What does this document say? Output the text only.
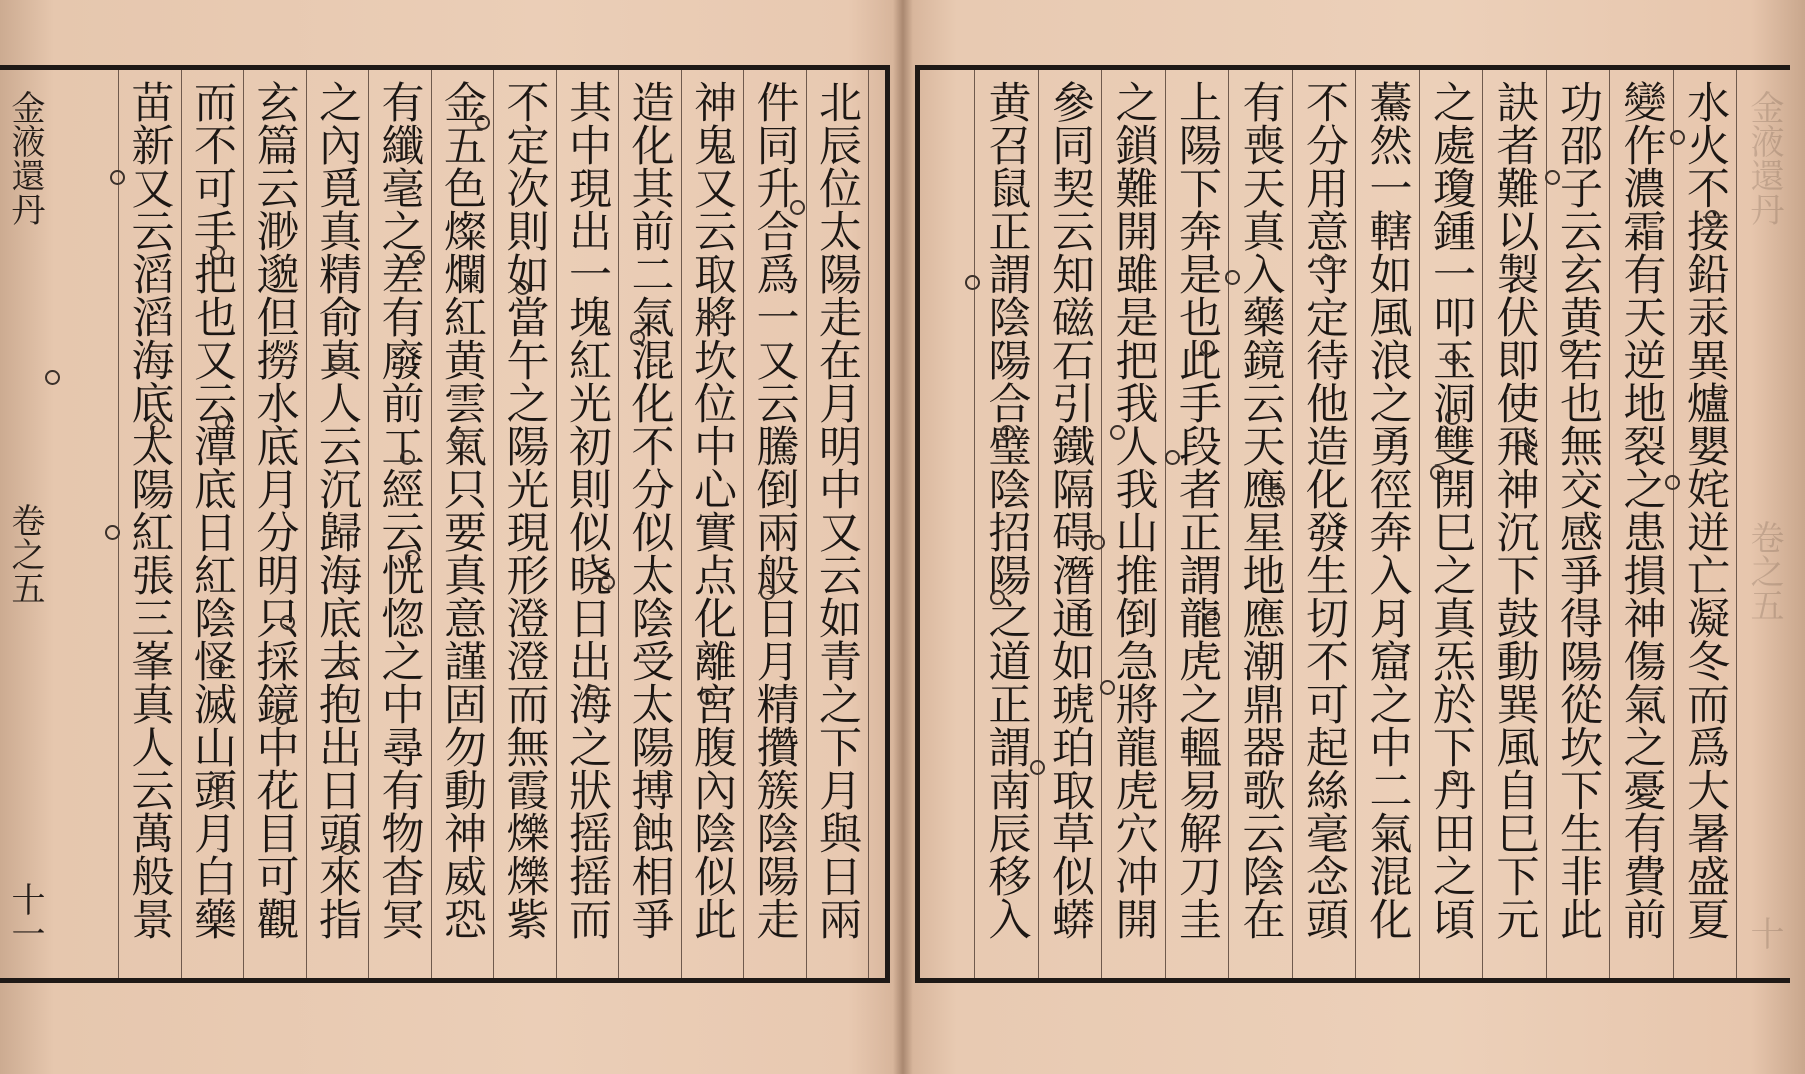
金液還丹
卷之五
十一	北辰位太陽走在月明中又云如青之下月與日兩
件同升合爲一又云騰倒兩般日月精攢簇陰陽走
神鬼又云取將坎位中心實点化離宮腹內陰似此
造化其前二氣混化不分似太陰受太陽搏蝕相爭
其中現出一塊紅光初則似晓日出海之狀摇摇而
不定次則如當午之陽光現形澄澄而無霞爍爍紫
金五色燦爛紅黄雲氣只要真意謹固勿動神威恐
有纖毫之差有廢前工經云恍惚之中尋有物杳冥
之內覓真精俞真人云沉歸海底去抱出日頭來指
玄篇云渺邈但撈水底月分明只採鏡中花目可觀
而不可手把也又云潭底日紅陰怪滅山頭月白藥
苗新又云滔滔海底太陽紅張三峯真人云萬般景	金液還丹
卷之五
十
水火不接鉛汞異爐嬰姹迸亡凝冬而爲大暑盛夏
變作濃霜有天逆地裂之患損神傷氣之憂有費前
功邵子云玄黄若也無交感爭得陽從坎下生非此
訣者難以製伏即使飛神沉下鼓動巽風自巳下元
之處瓊鍾一叩玉洞雙開巳之真炁於下丹田之頃
驀然一轄如風浪之勇徑奔入月窟之中二氣混化
不分用意守定待他造化發生切不可起絲毫念頭
有喪天真入藥鏡云天應星地應潮鼎器歌云陰在
上陽下奔是也此手段者正謂龍虎之轀易解刀圭
之鎖難開雖是把我人我山推倒急將龍虎穴冲開
參同契云知磁石引鐵隔碍潛通如琥珀取草似蟒
黄召鼠正謂陰陽合璧陰招陽之道正謂南辰移入
